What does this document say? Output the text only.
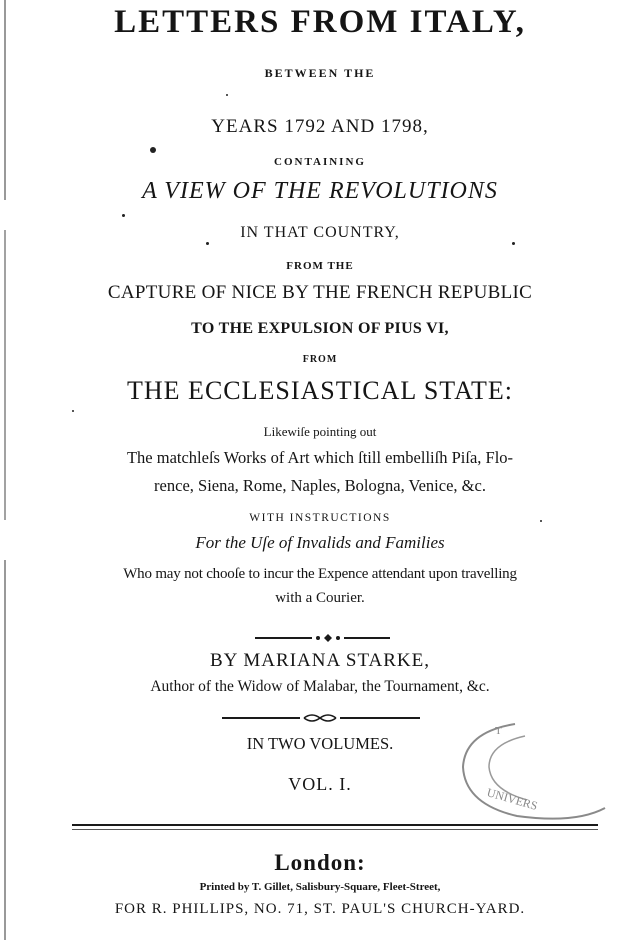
LETTERS FROM ITALY,
BETWEEN THE
YEARS 1792 AND 1798,
CONTAINING
A VIEW OF THE REVOLUTIONS
IN THAT COUNTRY,
FROM THE
CAPTURE OF NICE BY THE FRENCH REPUBLIC
TO THE EXPULSION OF PIUS VI,
FROM
THE ECCLESIASTICAL STATE:
Likewiſe pointing out
The matchleſs Works of Art which ſtill embelliſh Piſa, Flo-
rence, Siena, Rome, Naples, Bologna, Venice, &c.
WITH INSTRUCTIONS
For the Uſe of Invalids and Families
Who may not chooſe to incur the Expence attendant upon travelling
with a Courier.
BY MARIANA STARKE,
Author of the Widow of Malabar, the Tournament, &c.
IN TWO VOLUMES.
VOL. I.
T
UNIVERS
London:
Printed by T. Gillet, Salisbury-Square, Fleet-Street,
FOR R. PHILLIPS, NO. 71, ST. PAUL'S CHURCH-YARD.
